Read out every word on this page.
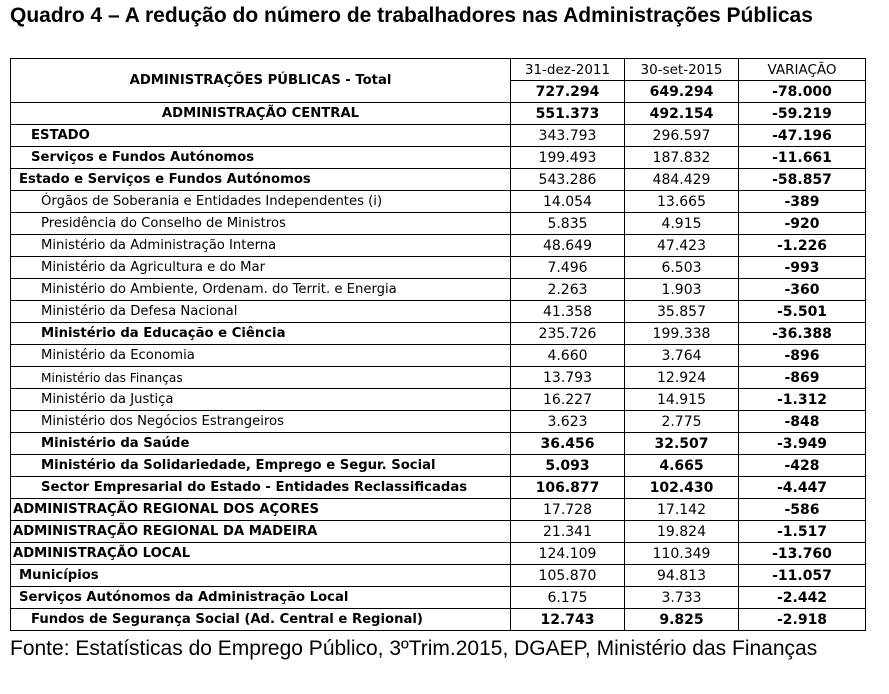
Quadro 4 – A redução do número de trabalhadores nas Administrações Públicas
ADMINISTRAÇÕES PÚBLICAS - Total	31-dez-2011	30-set-2015	VARIAÇÃO
	727.294	649.294	-78.000
ADMINISTRAÇÃO CENTRAL	551.373	492.154	-59.219
ESTADO	343.793	296.597	-47.196
Serviços e Fundos Autónomos	199.493	187.832	-11.661
Estado e Serviços e Fundos Autónomos	543.286	484.429	-58.857
Órgãos de Soberania e Entidades Independentes (i)	14.054	13.665	-389
Presidência do Conselho de Ministros	5.835	4.915	-920
Ministério da Administração Interna	48.649	47.423	-1.226
Ministério da Agricultura e do Mar	7.496	6.503	-993
Ministério do Ambiente, Ordenam. do Territ. e Energia	2.263	1.903	-360
Ministério da Defesa Nacional	41.358	35.857	-5.501
Ministério da Educação e Ciência	235.726	199.338	-36.388
Ministério da Economia	4.660	3.764	-896
Ministério das Finanças	13.793	12.924	-869
Ministério da Justiça	16.227	14.915	-1.312
Ministério dos Negócios Estrangeiros	3.623	2.775	-848
Ministério da Saúde	36.456	32.507	-3.949
Ministério da Solidariedade, Emprego e Segur. Social	5.093	4.665	-428
Sector Empresarial do Estado - Entidades Reclassificadas	106.877	102.430	-4.447
ADMINISTRAÇÃO REGIONAL DOS AÇORES	17.728	17.142	-586
ADMINISTRAÇÃO REGIONAL DA MADEIRA	21.341	19.824	-1.517
ADMINISTRAÇÃO LOCAL	124.109	110.349	-13.760
Municípios	105.870	94.813	-11.057
Serviços Autónomos da Administração Local	6.175	3.733	-2.442
Fundos de Segurança Social (Ad. Central e Regional)	12.743	9.825	-2.918
Fonte: Estatísticas do Emprego Público, 3ºTrim.2015, DGAEP, Ministério das Finanças
